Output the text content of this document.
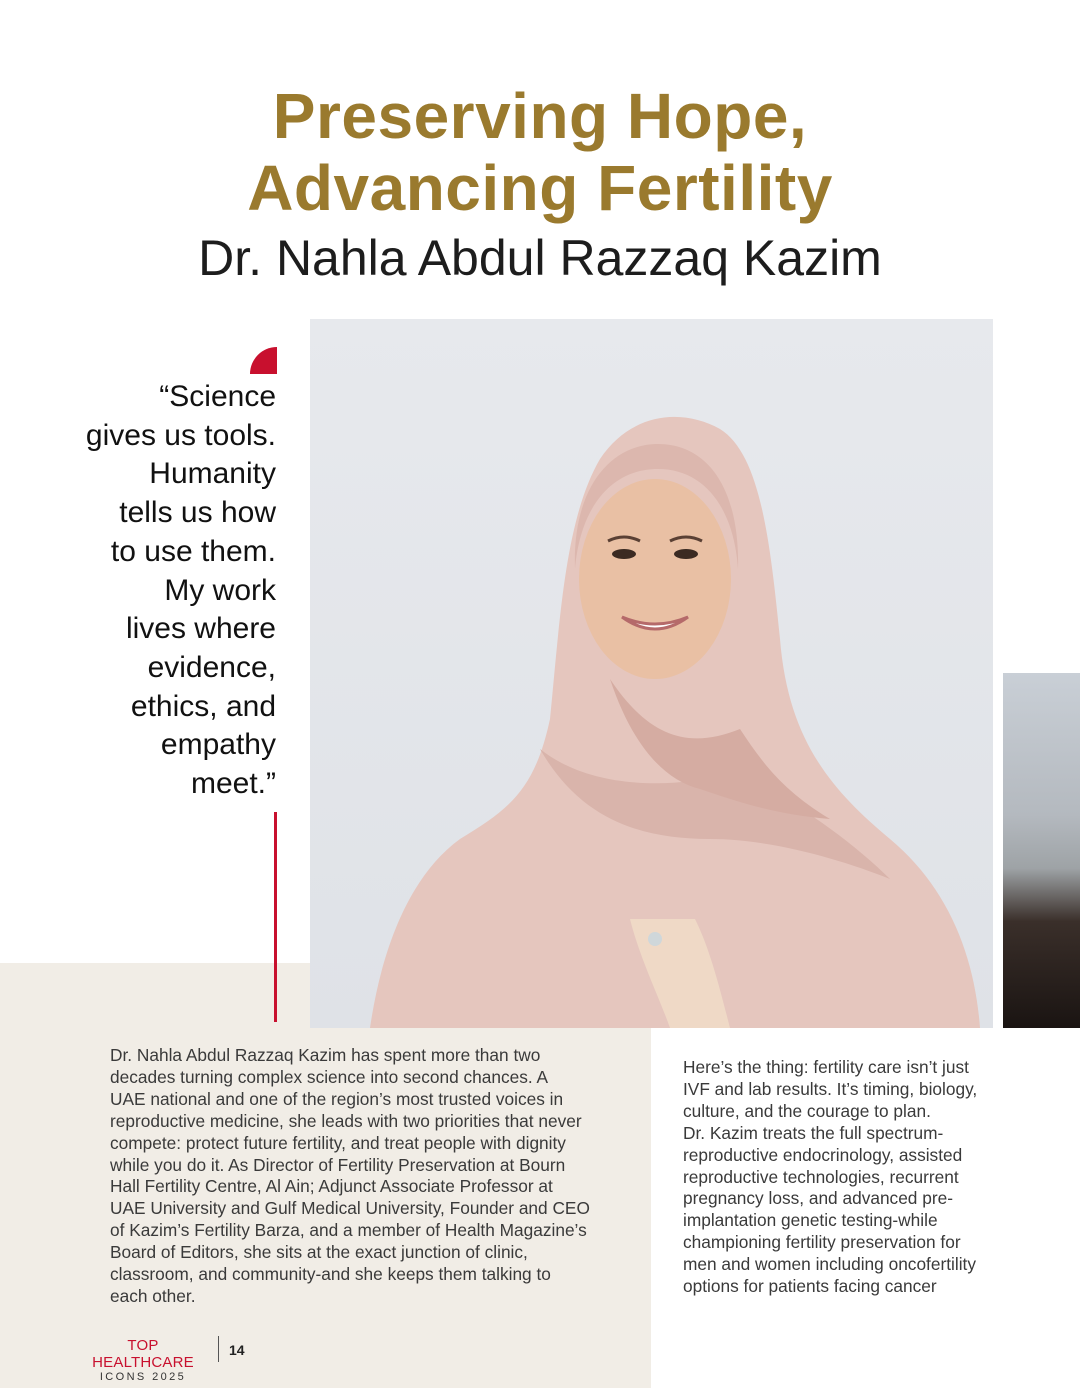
Preserving Hope,
Advancing Fertility
Dr. Nahla Abdul Razzaq Kazim

“Science
gives us tools.
Humanity
tells us how
to use them.
My work
lives where
evidence,
ethics, and
empathy
meet.”

Dr. Nahla Abdul Razzaq Kazim has spent more than two

decades turning complex science into second chances. A

UAE national and one of the region’s most trusted voices in

reproductive medicine, she leads with two priorities that never

compete: protect future fertility, and treat people with dignity

while you do it. As Director of Fertility Preservation at Bourn

Hall Fertility Centre, Al Ain; Adjunct Associate Professor at

UAE University and Gulf Medical University, Founder and CEO

of Kazim’s Fertility Barza, and a member of Health Magazine’s

Board of Editors, she sits at the exact junction of clinic,

classroom, and community-and she keeps them talking to

each other.

Here’s the thing: fertility care isn’t just

IVF and lab results. It’s timing, biology,

culture, and the courage to plan.

Dr. Kazim treats the full spectrum-

reproductive endocrinology, assisted

reproductive technologies, recurrent

pregnancy loss, and advanced pre-

implantation genetic testing-while

championing fertility preservation for

men and women including oncofertility

options for patients facing cancer

TOP HEALTHCARE
ICONS 2025
14
